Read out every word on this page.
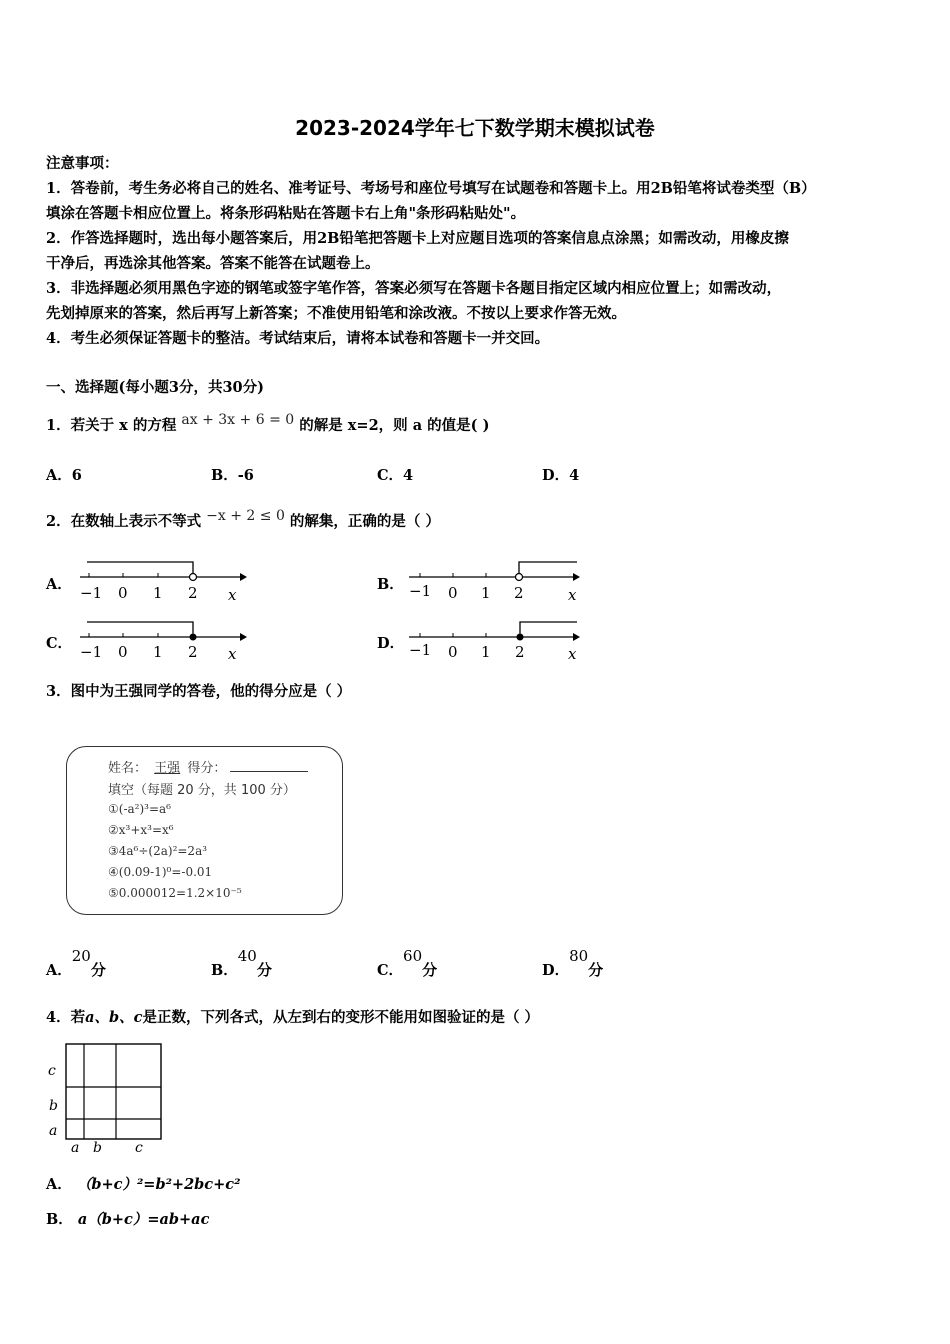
2023-2024学年七下数学期末模拟试卷
注意事项：
1．答卷前，考生务必将自己的姓名、准考证号、考场号和座位号填写在试题卷和答题卡上。用2B铅笔将试卷类型（B）
填涂在答题卡相应位置上。将条形码粘贴在答题卡右上角"条形码粘贴处"。
2．作答选择题时，选出每小题答案后，用2B铅笔把答题卡上对应题目选项的答案信息点涂黑；如需改动，用橡皮擦
干净后，再选涂其他答案。答案不能答在试题卷上。
3．非选择题必须用黑色字迹的钢笔或签字笔作答，答案必须写在答题卡各题目指定区域内相应位置上；如需改动，
先划掉原来的答案，然后再写上新答案；不准使用铅笔和涂改液。不按以上要求作答无效。
4．考生必须保证答题卡的整洁。考试结束后，请将本试卷和答题卡一并交回。
一、选择题(每小题3分，共30分)
1．若关于 x 的方程 ax + 3x + 6 = 0 的解是 x=2，则 a 的值是( )
A．6	B．-6	C．4	D．4
2．在数轴上表示不等式 −x + 2 ≤ 0 的解集，正确的是（ ）
A．	B．
C．	D．
−1 0 1 2 x	−1 0 1 2	x
−1 0 1 2 x	−1 0 1 2	x
3．图中为王强同学的答卷，他的得分应是（ ）
姓名： 王强 得分：
填空（每题 20 分，共 100 分）
①(-a²)³=a⁶
②x³+x³=x⁶
③4a⁶÷(2a)²=2a³
④(0.09-1)⁰=-0.01
⑤0.000012=1.2×10⁻⁵
A．20分	B．40分	C．60分	D．80分
4．若a、b、c是正数，下列各式，从左到右的变形不能用如图验证的是（ ）
c
b
a
a b c
A． （b+c）²=b²+2bc+c²
B． a（b+c）=ab+ac
